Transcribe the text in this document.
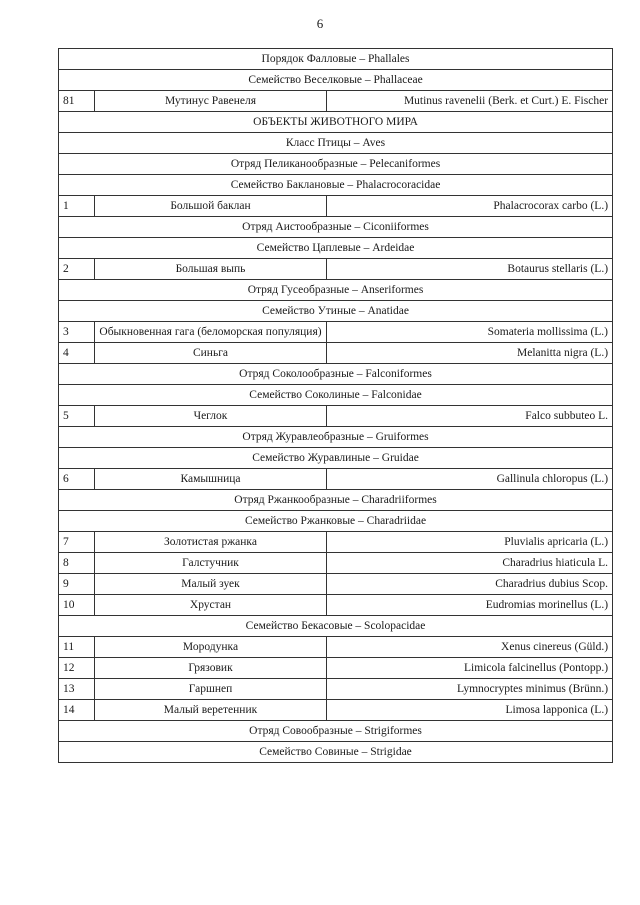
6
Порядок Фалловые – Phallales		
Семейство Веселковые – Phallaceae		
81	Мутинус Равенеля	Mutinus ravenelii (Berk. et Curt.) E. Fischer
ОБЪЕКТЫ ЖИВОТНОГО МИРА		
Класс Птицы – Aves		
Отряд Пеликанообразные – Pelecaniformes		
Семейство Баклановые – Phalacrocoracidae		
1	Большой баклан	Phalacrocorax carbo (L.)
Отряд Аистообразные – Ciconiiformes		
Семейство Цаплевые – Ardeidae		
2	Большая выпь	Botaurus stellaris (L.)
Отряд Гусеобразные – Anseriformes		
Семейство Утиные – Anatidae		
3	Обыкновенная гага (беломорская популяция)	Somateria mollissima (L.)
4	Синьга	Melanitta nigra (L.)
Отряд Соколообразные – Falconiformes		
Семейство Соколиные – Falconidae		
5	Чеглок	Falco subbuteo L.
Отряд Журавлеобразные – Gruiformes		
Семейство Журавлиные – Gruidae		
6	Камышница	Gallinula chloropus (L.)
Отряд Ржанкообразные – Charadriiformes		
Семейство Ржанковые – Charadriidae		
7	Золотистая ржанка	Pluvialis apricaria (L.)
8	Галстучник	Charadrius hiaticula L.
9	Малый зуек	Charadrius dubius Scop.
10	Хрустан	Eudromias morinellus (L.)
Семейство Бекасовые – Scolopacidae		
11	Мородунка	Xenus cinereus (Güld.)
12	Грязовик	Limicola falcinellus (Pontopp.)
13	Гаршнеп	Lymnocryptes minimus (Brünn.)
14	Малый веретенник	Limosa lapponica (L.)
Отряд Совообразные – Strigiformes		
Семейство Совиные – Strigidae		
